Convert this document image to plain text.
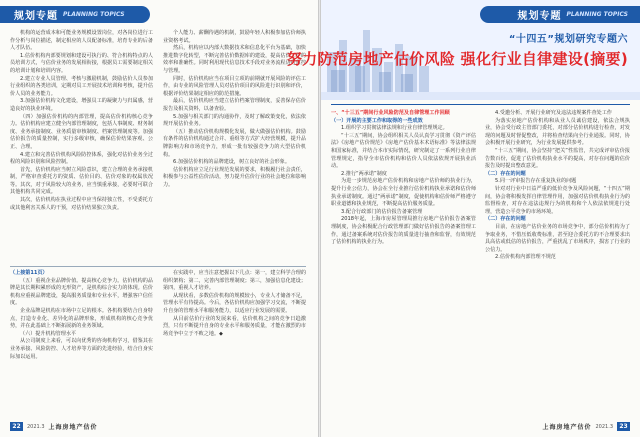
规划专题 PLANNING TOPICS
机构的运营成本和可能业务规模设置岗位，对各岗位进行工作分析与岗位描述，制定相应的人员配备标准，培育专业的后备人才队伍。
1.估价机构内部要规划和建设可执行的、符合机构特点的人员培训方式，与估价业务的发展相衔接，根据员工需要制定相关的培训计划和培训内容。
2.建立专业人员管理、考核与激励机制，鼓励估价人员参加行业组织的各类培训，定期对员工开展技术培训和考核，提升估价人员的业务能力。
3.加强估价机构文化建设，增强员工的凝聚力与归属感，营造良好的执业环境。
（四）加强估价机构的内部管理，提高估价机构核心竞争力。估价机构应建立健全内部管理制度，包括人事制度、财务制度、业务承接制度、业务质量审核制度、档案管理制度等。加强估价报告的质量控制，实行多级审核，确保估价结果客观、公正、合理。
4.建立和完善估价机构风险防控体系，强化对估价业务全过程的风险识别和风险控制。
首先，估价机构应当树立风险意识，建立合理的业务承接机制，严格审查委托方的资质、估价目的、估价对象的权属状况等。其次，对于风险较大的业务，应当慎重承接，必要时可联合其他机构共同完成。
其次，估价机构在执业过程中应当保持独立性，不受委托方或其他利害关系人的干预，对估价结果独立负责。
个人能力、薪酬待遇的机制，鼓励年轻人积极参加估价师执业资格考试。
然后，机构应以内部大数据技术和信息化平台为基础，加快推进数字化转型，不断完善估价数据库的建设，提高估价工作的效率和准确性。同时利用现代信息技术手段对业务流程进行监控与管理。
同时，估价机构应当在项目立项的前期就开展风险的评估工作，由专业的风险管理人员对估价项目的风险进行识别和评价，根据评价结果制定相应的防范措施。
最后，估价机构应当建立估价档案管理制度，妥善保存估价报告及相关资料，以备查验。
5.加强与相关部门的沟通协作，及时了解政策变化，依法依规开展估价业务。
（五）推动估价机构规模化发展，做大做强估价机构。鼓励有条件的估价机构通过合并、重组等方式扩大经营规模，提升品牌影响力和市场竞争力，形成一批有较强竞争力的大型估价机构。
6.加强估价机构的品牌建设，树立良好的社会形象。
估价机构应立足行业规范发展的要求，积极履行社会责任，积极参与公益性估价活动，努力提升估价行业的社会地位和影响力。
（上接第11页）
（五）重视企业品牌价值。提高核心竞争力。估价机构的品牌是其长期积累形成的无形资产，是机构综合实力的体现。估价机构应重视品牌建设，提高服务质量和专业水平，增强客户信任度。
企业品牌是机构在市场中立足的根本。各机构要结合自身特点，打造专业化、差异化的品牌形象，形成机构的核心竞争优势，并在此基础上不断拓展新的业务领域。
（六）提升机构管理水平
从公司制度上来看，可以向优秀的咨询机构学习，借鉴其在业务承接、风险防控、人才培养等方面的先进经验，结合自身实际加以运用。
在实践中，应当注意把握以下几点：第一，建立科学合理的组织架构；第二，完善内部管理制度；第三，加强信息化建设；第四，重视人才培养。
从现状看，多数估价机构的规模较小，专业人才储备不足，管理水平有待提高。今后，各估价机构应加强学习交流，不断提升自身的管理水平和服务能力，以适应行业发展的需要。
从目前估价行业的发展来看，估价机构之间的竞争日趋激烈，只有不断提升自身的专业水平和服务质量，才能在激烈的市场竞争中立于不败之地。◆
22	2021.3 上海房地产估价
规划专题 PLANNING TOPICS
“十四五”规划研究专题六
努力防范房地产估价风险 强化行业自律建设(摘要)
一、“十三五”期间行业风险防范及自律管理工作回顾
（一）开展的主要工作和取得的一些成效
1.组织学习贯彻法律法规和行业自律管理规定。
“十三五”期间，协会组织相关人员认真学习贯彻《资产评估法》《房地产估价规范》《房地产估价基本术语标准》等法律法规和国家标准，并结合本市实际情况，研究制定了一系列行业自律管理规定，指导全市估价机构和估价人员依法依规开展执业活动。
2.推行“两承诺”制度
为进一步规范房地产估价机构和房地产估价师的执业行为，提升行业公信力，协会在全行业推行估价机构执业承诺和估价师执业承诺制度。通过“两承诺”制度，促使机构和估价师严格遵守职业道德和执业规范，不断提高估价服务质量。
3.配合行政部门的估价报告备案管理
2018年起，上海市房屋管理局推行房地产估价报告备案管理制度，协会积极配合行政管理部门做好估价报告的备案管理工作，通过备案系统对估价报告的质量进行抽查和监督，有效规范了估价机构的执业行为。
4.受邀分析、开展行业研究及违法违规案件查处工作
为落实房地产估价机构和从业人员诚信建设，依法合规执业，协会受行政主管部门委托，对部分估价机构进行检查，对发现的问题及时督促整改，并将检查结果向全行业通报。同时，协会积极开展行业研究，为行业发展提供参考。
“十三五”期间，协会坚持“把关”性监管，共完成评审估价报告数百份，促进了估价机构执业水平的提高，对存在问题的估价报告及时提出整改意见。
（二）存在的问题
5.同一评审报告存在重复执业的问题
针对对行业中日益严重的低价竞争及风险问题，“十四五”期间，协会将积极发挥自律管理作用，加强对估价机构执业行为的监督检查，对存在违法违规行为的机构和个人依法依规进行处理，营造公平竞争的市场环境。
（二）存在的问题
目前，在房地产估价业务的市场竞争中，部分估价机构为了争取业务，不惜压低收费标准，甚至迎合委托方的不合理要求出具高估或低估的估价报告，严重扰乱了市场秩序，损害了行业的公信力。
2.估价机构内部管理不规范
上海房地产估价 2021.3	23
